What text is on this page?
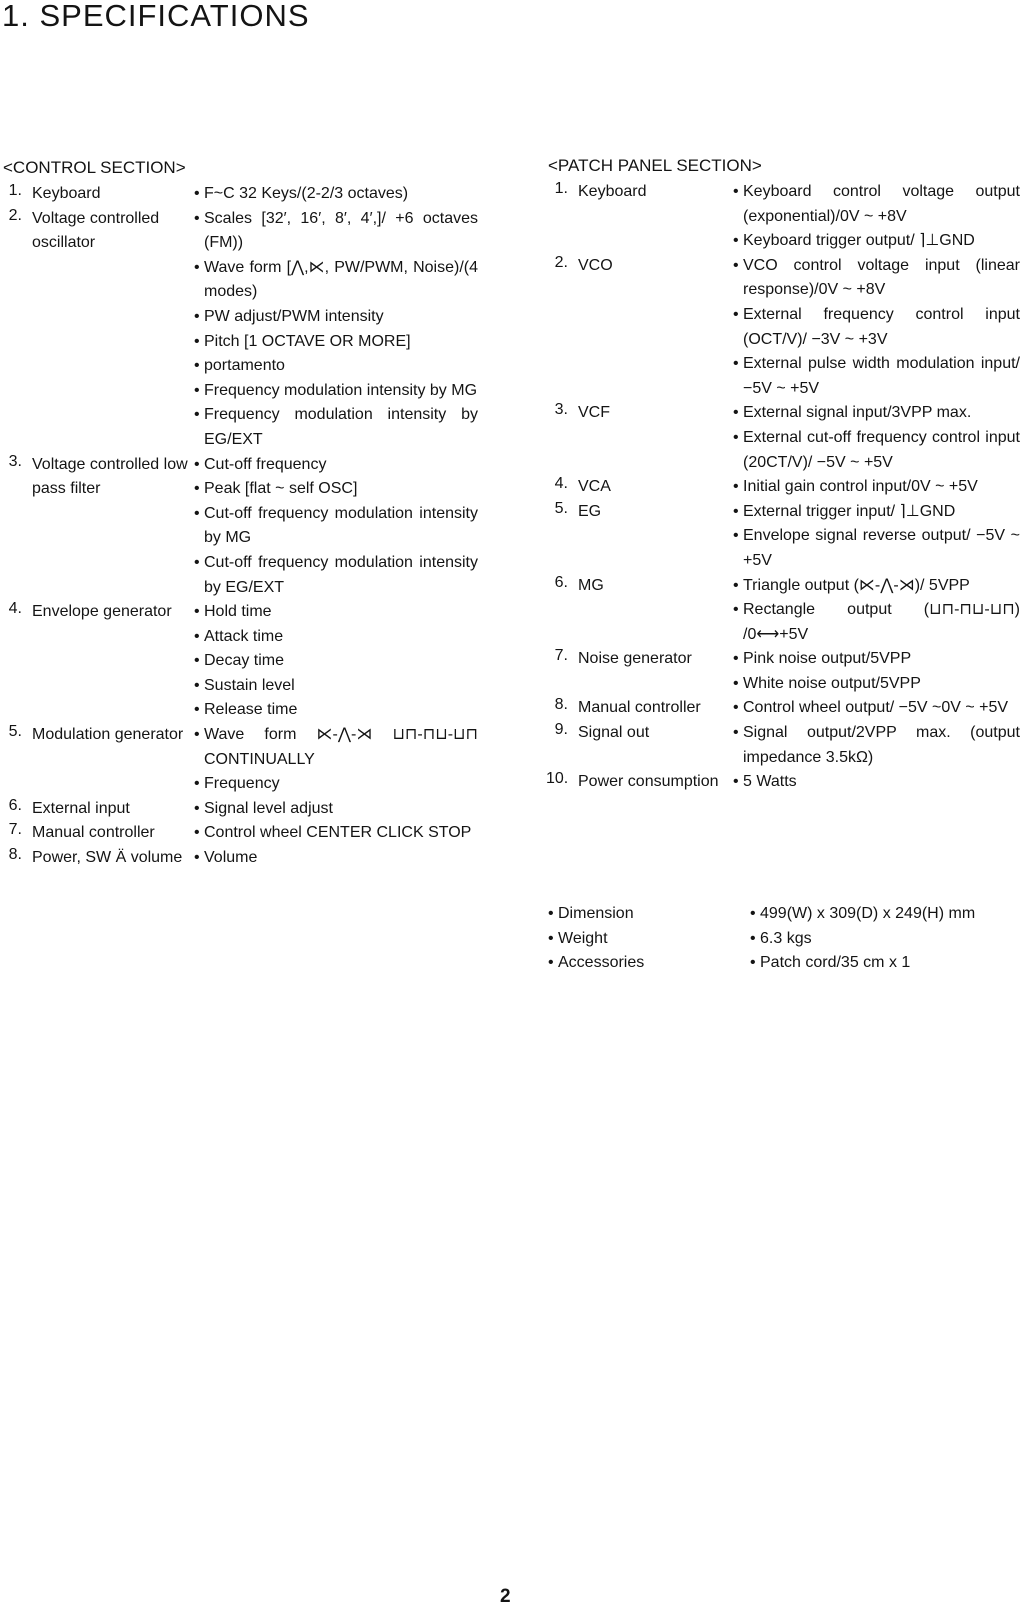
1. SPECIFICATIONS
<CONTROL SECTION>	<PATCH PANEL SECTION>
1. Keyboard	• F~C 32 Keys/(2-2/3 octaves)
2. Voltage controlled oscillator
• Scales [32′, 16′, 8′, 4′,]/ +6 octaves (FM))
• Wave form [⋀,⋉, PW/PWM, Noise)/(4 modes)
• PW adjust/PWM intensity
• Pitch [1 OCTAVE OR MORE]
• portamento
• Frequency modulation intensity by MG
• Frequency modulation intensity by EG/EXT
3. Voltage controlled low pass filter
• Cut-off frequency
• Peak [flat ~ self OSC]
• Cut-off frequency modulation intensity by MG
• Cut-off frequency modulation intensity by EG/EXT
4. Envelope generator	• Hold time
• Attack time
• Decay time
• Sustain level
• Release time
5. Modulation generator • Wave form ⋉-⋀-⋊ ⊔⊓-⊓⊔-⊔⊓ CONTINUALLY
• Frequency
6. External input	• Signal level adjust
7. Manual controller	• Control wheel CENTER CLICK STOP
8. Power, SW Ä volume • Volume
1. Keyboard	• Keyboard control voltage output (exponential)/0V ~ +8V
• Keyboard trigger output/ ⌉⊥GND
2. VCO	• VCO control voltage input (linear response)/0V ~ +8V
• External frequency control input (OCT/V)/ −3V ~ +3V
• External pulse width modulation input/ −5V ~ +5V
3. VCF	• External signal input/3VPP max.
• External cut-off frequency control input (20CT/V)/ −5V ~ +5V
4. VCA	• Initial gain control input/0V ~ +5V
5. EG	• External trigger input/ ⌉⊥GND
• Envelope signal reverse output/ −5V ~ +5V
6. MG	• Triangle output (⋉-⋀-⋊)/ 5VPP
• Rectangle output (⊔⊓-⊓⊔-⊔⊓) /0⟷+5V
7. Noise generator	• Pink noise output/5VPP
• White noise output/5VPP
8. Manual controller	• Control wheel output/ −5V ~0V ~ +5V
9. Signal out	• Signal output/2VPP max. (output impedance 3.5kΩ)
10. Power consumption • 5 Watts
• Dimension	• 499(W) x 309(D) x 249(H) mm
• Weight	• 6.3 kgs
• Accessories	• Patch cord/35 cm x 1
2
